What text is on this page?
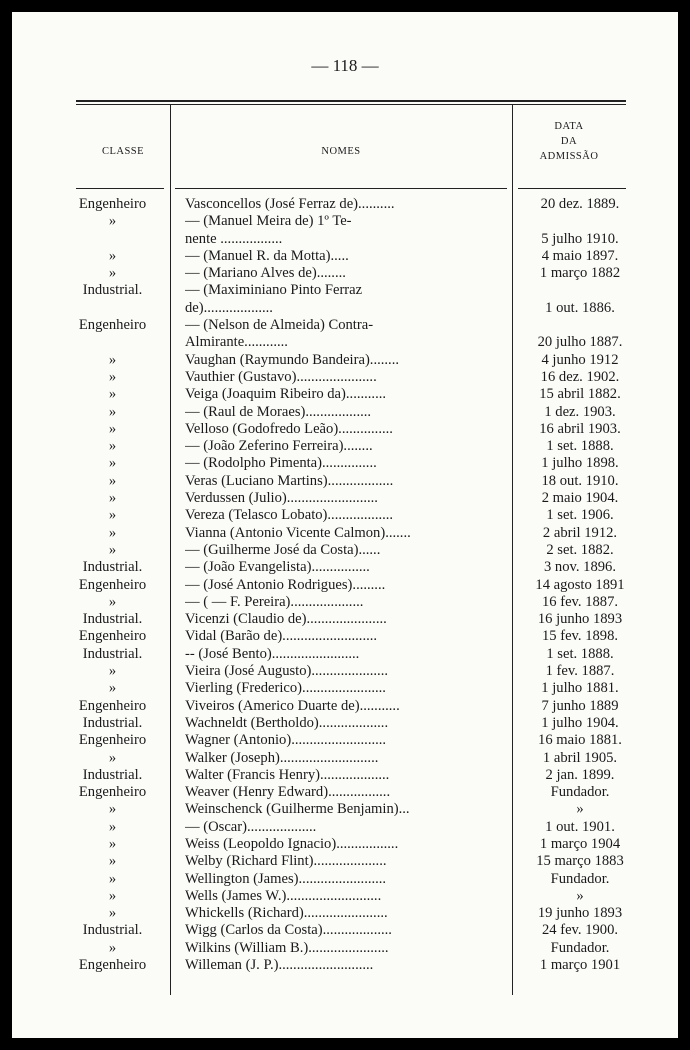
— 118 —
CLASSE	NOMES
DATA
DA
ADMISSÃO
Engenheiro	Vasconcellos (José Ferraz de)..........	20 dez. 1889.
»	— (Manuel Meira de) 1º Te-
nente .................	5 julho 1910.
»	— (Manuel R. da Motta).....	4 maio 1897.
»	— (Mariano Alves de)........	1 março 1882
Industrial.	— (Maximiniano Pinto Ferraz
de)...................	1 out. 1886.
Engenheiro	— (Nelson de Almeida) Contra-
Almirante............	20 julho 1887.
»	Vaughan (Raymundo Bandeira)........	4 junho 1912
»	Vauthier (Gustavo)......................	16 dez. 1902.
»	Veiga (Joaquim Ribeiro da)...........	15 abril 1882.
»	— (Raul de Moraes)..................	1 dez. 1903.
»	Velloso (Godofredo Leão)...............	16 abril 1903.
»	— (João Zeferino Ferreira)........	1 set. 1888.
»	— (Rodolpho Pimenta)...............	1 julho 1898.
»	Veras (Luciano Martins)..................	18 out. 1910.
»	Verdussen (Julio).........................	2 maio 1904.
»	Vereza (Telasco Lobato)..................	1 set. 1906.
»	Vianna (Antonio Vicente Calmon).......	2 abril 1912.
»	— (Guilherme José da Costa)......	2 set. 1882.
Industrial.	— (João Evangelista)................	3 nov. 1896.
Engenheiro	— (José Antonio Rodrigues).........	14 agosto 1891
»	— ( — F. Pereira)....................	16 fev. 1887.
Industrial.	Vicenzi (Claudio de)......................	16 junho 1893
Engenheiro	Vidal (Barão de)..........................	15 fev. 1898.
Industrial.	-- (José Bento)........................	1 set. 1888.
»	Vieira (José Augusto).....................	1 fev. 1887.
»	Vierling (Frederico).......................	1 julho 1881.
Engenheiro	Viveiros (Americo Duarte de)...........	7 junho 1889
Industrial.	Wachneldt (Bertholdo)...................	1 julho 1904.
Engenheiro	Wagner (Antonio)..........................	16 maio 1881.
»	Walker (Joseph)...........................	1 abril 1905.
Industrial.	Walter (Francis Henry)...................	2 jan. 1899.
Engenheiro	Weaver (Henry Edward).................	Fundador.
»	Weinschenck (Guilherme Benjamin)...	»
»	— (Oscar)...................	1 out. 1901.
»	Weiss (Leopoldo Ignacio).................	1 março 1904
»	Welby (Richard Flint)....................	15 março 1883
»	Wellington (James)........................	Fundador.
»	Wells (James W.)..........................	»
»	Whickells (Richard).......................	19 junho 1893
Industrial.	Wigg (Carlos da Costa)...................	24 fev. 1900.
»	Wilkins (William B.)......................	Fundador.
Engenheiro	Willeman (J. P.)..........................	1 março 1901
